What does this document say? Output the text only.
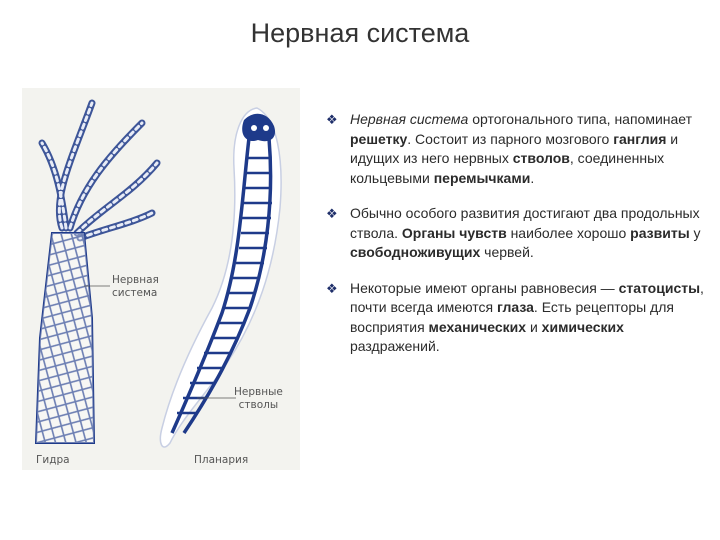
Нервная система
Нервная
система
Нервные
стволы
Гидра	Планария
❖ Нервная система ортогонального типа, напоминает решетку. Состоит из парного мозгового ганглия и идущих из него нервных стволов, соединенных кольцевыми перемычками.
❖ Обычно особого развития достигают два продольных ствола. Органы чувств наиболее хорошо развиты у свободноживущих червей.
❖ Некоторые имеют органы равновесия — статоцисты, почти всегда имеются глаза. Есть рецепторы для восприятия механических и химических раздражений.
